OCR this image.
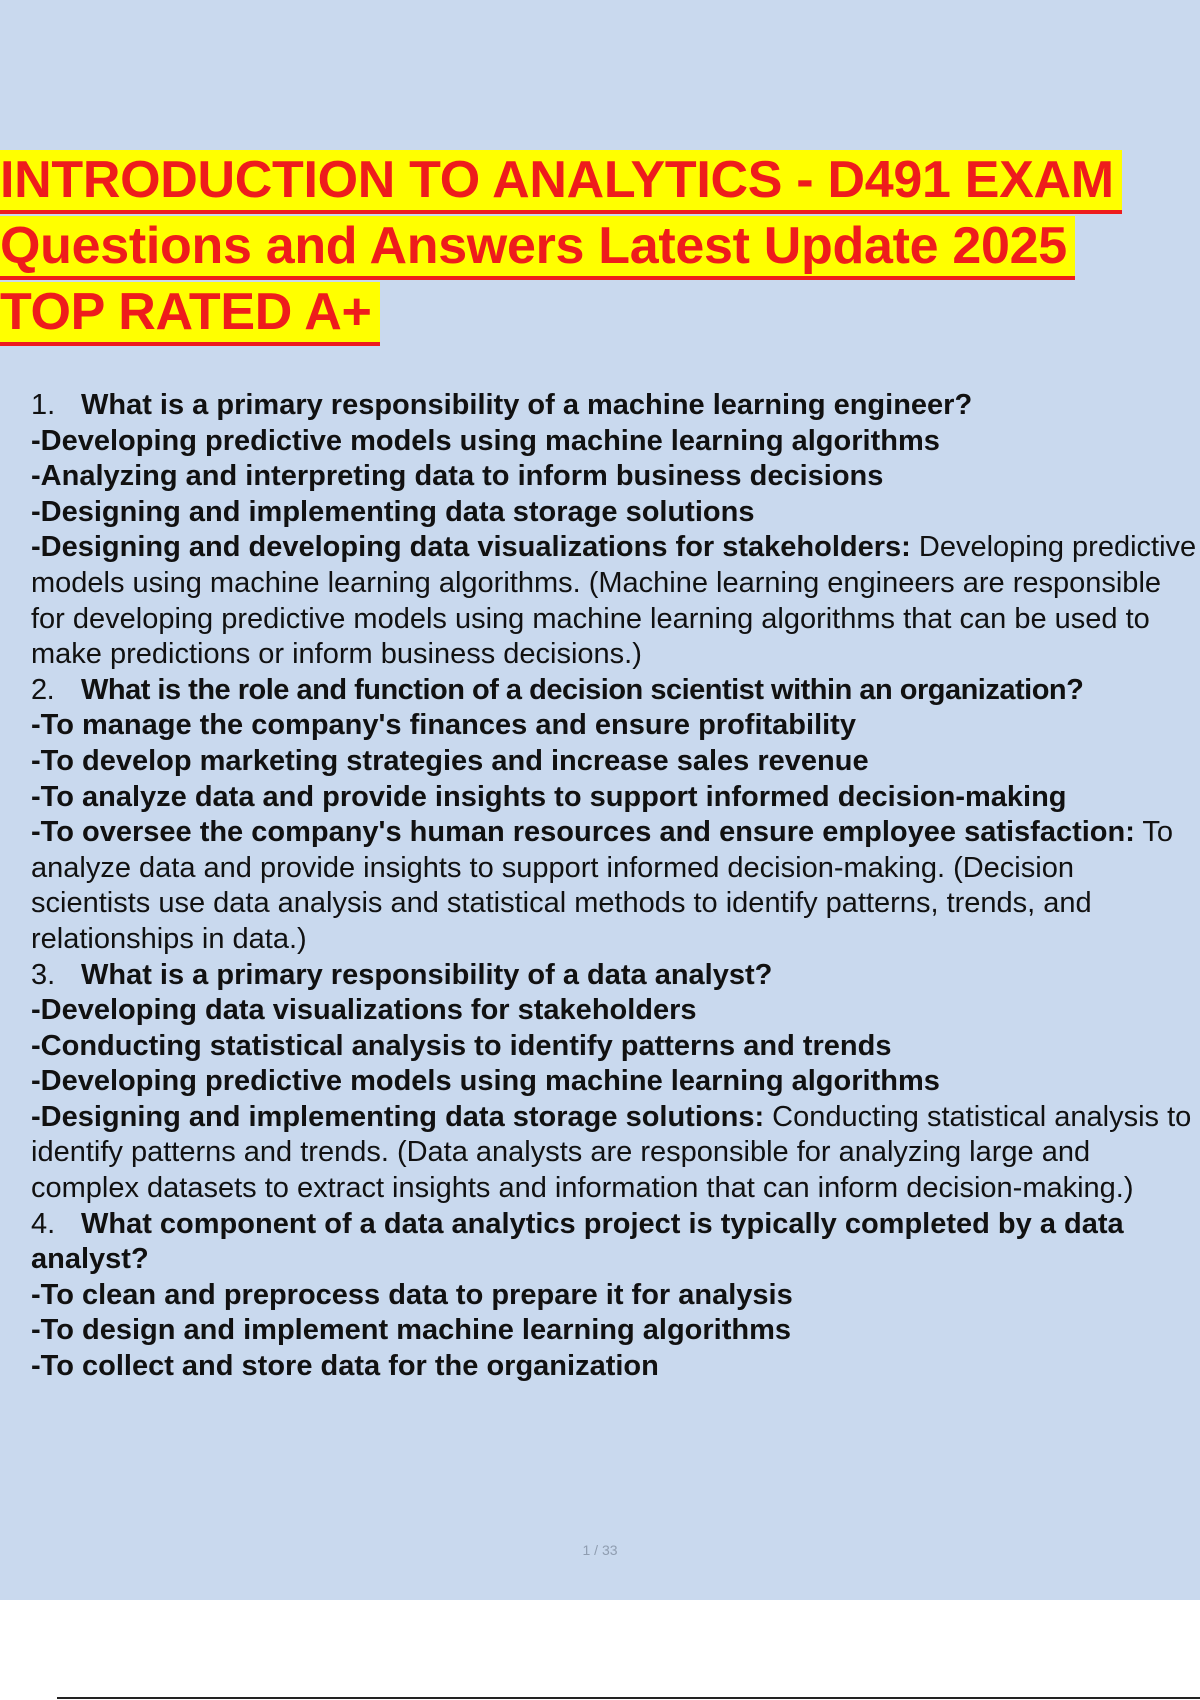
INTRODUCTION TO ANALYTICS - D491 EXAM
Questions and Answers Latest Update 2025
TOP RATED A+
1. What is a primary responsibility of a machine learning engineer?
-Developing predictive models using machine learning algorithms
-Analyzing and interpreting data to inform business decisions
-Designing and implementing data storage solutions
-Designing and developing data visualizations for stakeholders: Developing predictive models using machine learning algorithms. (Machine learning engineers are responsible for developing predictive models using machine learning algorithms that can be used to make predictions or inform business decisions.)
2. What is the role and function of a decision scientist within an organization?
-To manage the company's finances and ensure profitability
-To develop marketing strategies and increase sales revenue
-To analyze data and provide insights to support informed decision-making
-To oversee the company's human resources and ensure employee satisfaction: To analyze data and provide insights to support informed decision-making. (Decision scientists use data analysis and statistical methods to identify patterns, trends, and relationships in data.)
3. What is a primary responsibility of a data analyst?
-Developing data visualizations for stakeholders
-Conducting statistical analysis to identify patterns and trends
-Developing predictive models using machine learning algorithms
-Designing and implementing data storage solutions: Conducting statistical analysis to identify patterns and trends. (Data analysts are responsible for analyzing large and complex datasets to extract insights and information that can inform decision-making.)
4. What component of a data analytics project is typically completed by a data analyst?
-To clean and preprocess data to prepare it for analysis
-To design and implement machine learning algorithms
-To collect and store data for the organization
1 / 33
